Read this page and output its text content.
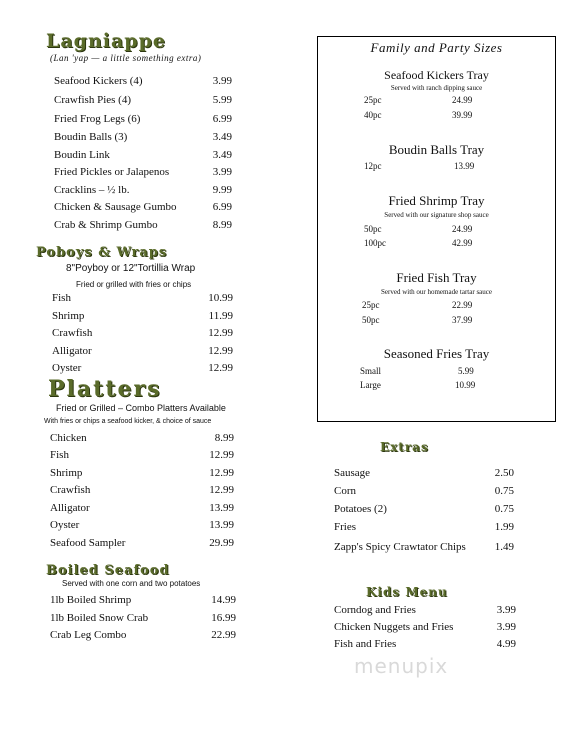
Lagniappe
(Lan 'yap — a little something extra)
Seafood Kickers (4)	3.99
Crawfish Pies (4)	5.99
Fried Frog Legs (6)	6.99
Boudin Balls (3)	3.49
Boudin Link	3.49
Fried Pickles or Jalapenos	3.99
Cracklins – ½ lb.	9.99
Chicken & Sausage Gumbo	6.99
Crab & Shrimp Gumbo	8.99
Poboys & Wraps
8"Poyboy or 12"Tortillia Wrap
Fried or grilled with fries or chips
Fish	10.99
Shrimp	11.99
Crawfish	12.99
Alligator	12.99
Oyster	12.99
Platters
Fried or Grilled – Combo Platters Available
With fries or chips a seafood kicker, & choice of sauce
Chicken	8.99
Fish	12.99
Shrimp	12.99
Crawfish	12.99
Alligator	13.99
Oyster	13.99
Seafood Sampler	29.99
Boiled Seafood
Served with one corn and two potatoes
1lb Boiled Shrimp	14.99
1lb Boiled Snow Crab	16.99
Crab Leg Combo	22.99
Family and Party Sizes
Seafood Kickers Tray
Served with ranch dipping sauce
25pc	24.99
40pc	39.99
Boudin Balls Tray
12pc	13.99
Fried Shrimp Tray
Served with our signature shop sauce
50pc	24.99
100pc	42.99
Fried Fish Tray
Served with our homemade tartar sauce
25pc	22.99
50pc	37.99
Seasoned Fries Tray
Small	5.99
Large	10.99
Extras
Sausage	2.50
Corn	0.75
Potatoes (2)	0.75
Fries	1.99
Zapp's Spicy Crawtator Chips	1.49
Kids Menu
Corndog and Fries	3.99
Chicken Nuggets and Fries	3.99
Fish and Fries	4.99
menupix
